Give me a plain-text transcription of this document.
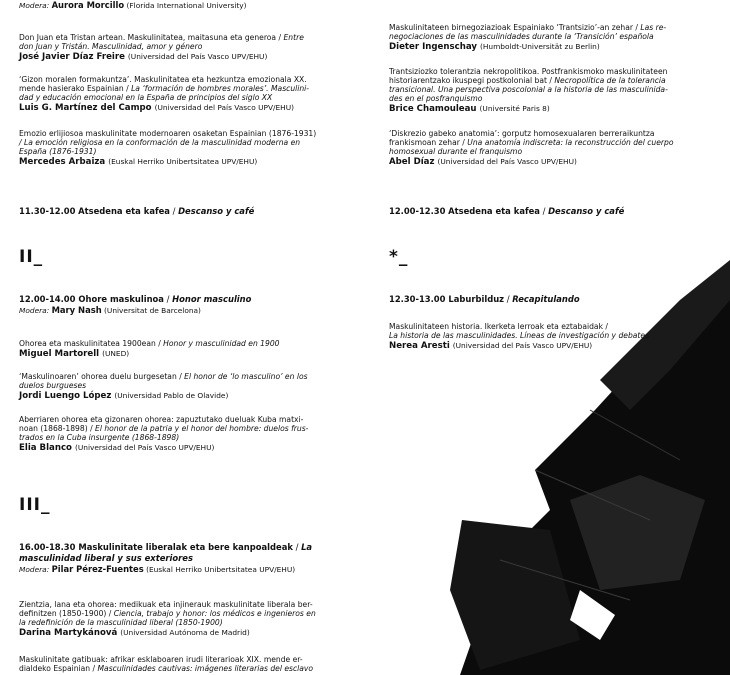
Modera: Aurora Morcillo (Florida International University)

Don Juan eta Tristan artean. Maskulinitatea, maitasuna eta generoa / Entre

don Juan y Tristán. Masculinidad, amor y género

José Javier Díaz Freire (Universidad del País Vasco UPV/EHU)

‘Gizon moralen formakuntza’. Maskulinitatea eta hezkuntza emozionala XX.

mende hasierako Espainian / La ‘formación de hombres morales’. Masculini-

dad y educación emocional en la España de principios del siglo XX

Luis G. Martínez del Campo (Universidad del País Vasco UPV/EHU)

Emozio erlijiosoa maskulinitate modernoaren osaketan Espainian (1876-1931)

/ La emoción religiosa en la conformación de la masculinidad moderna en

España (1876-1931)

Mercedes Arbaiza (Euskal Herriko Unibertsitatea UPV/EHU)

11.30-12.00 Atsedena eta kafea / Descanso y café

II_

12.00-14.00 Ohore maskulinoa / Honor masculino

Modera: Mary Nash (Universitat de Barcelona)

Ohorea eta maskulinitatea 1900ean / Honor y masculinidad en 1900

Miguel Martorell (UNED)

‘Maskulinoaren’ ohorea duelu burgesetan / El honor de ‘lo masculino’ en los

duelos burgueses

Jordi Luengo López (Universidad Pablo de Olavide)

Aberriaren ohorea eta gizonaren ohorea: zapuztutako dueluak Kuba matxi-

noan (1868-1898) / El honor de la patria y el honor del hombre: duelos frus-

trados en la Cuba insurgente (1868-1898)

Elia Blanco (Universidad del País Vasco UPV/EHU)

III_

16.00-18.30 Maskulinitate liberalak eta bere kanpoaldeak / La

masculinidad liberal y sus exteriores

Modera: Pilar Pérez-Fuentes (Euskal Herriko Unibertsitatea UPV/EHU)

Zientzia, lana eta ohorea: medikuak eta injinerauk maskulinitate liberala ber-

definitzen (1850-1900) / Ciencia, trabajo y honor: los médicos e ingenieros en

la redefinición de la masculinidad liberal (1850-1900)

Darina Martykánová (Universidad Autónoma de Madrid)

Maskulinitate gatibuak: afrikar esklaboaren irudi literarioak XIX. mende er-

dialdeko Espainian / Masculinidades cautivas: imágenes literarias del esclavo

Maskulinitateen birnegoziazioak Espainiako ‘Trantsizio’-an zehar / Las re-

negociaciones de las masculinidades durante la ‘Transición’ española

Dieter Ingenschay (Humboldt-Universität zu Berlin)

Trantsiziozko tolerantzia nekropolitikoa. Postfrankismoko maskulinitateen

historiarentzako ikuspegi postkolonial bat / Necropolítica de la tolerancia

transicional. Una perspectiva poscolonial a la historia de las masculinida-

des en el posfranquismo

Brice Chamouleau (Université Paris 8)

‘Diskrezio gabeko anatomia’: gorputz homosexualaren berreraikuntza

frankismoan zehar / Una anatomía indiscreta: la reconstrucción del cuerpo

homosexual durante el franquismo

Abel Díaz (Universidad del País Vasco UPV/EHU)

12.00-12.30 Atsedena eta kafea / Descanso y café

*_

12.30-13.00 Laburbilduz / Recapitulando

Maskulinitateen historia. Ikerketa lerroak eta eztabaidak /

La historia de las masculinidades. Líneas de investigación y debates

Nerea Aresti (Universidad del País Vasco UPV/EHU)
